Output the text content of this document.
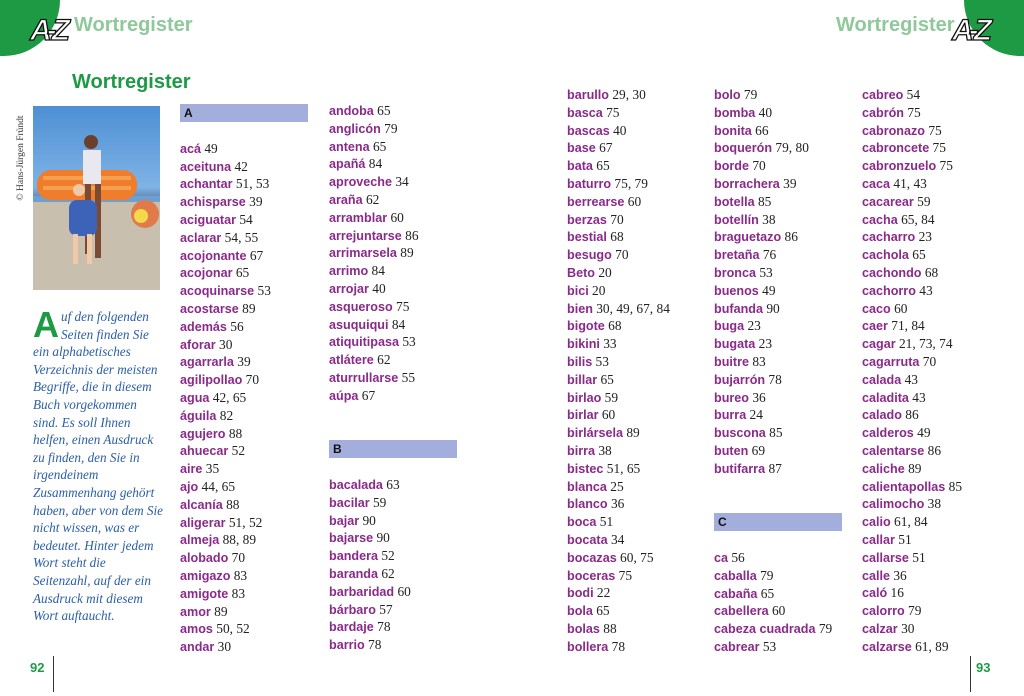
A-Z	A-Z
Wortregister	Wortregister
Wortregister
© Hans-Jürgen Fründt

Auf den folgenden Seiten finden Sie ein alphabetisches Verzeichnis der meisten Begriffe, die in diesem Buch vorgekommen sind. Es soll Ihnen helfen, einen Ausdruck zu finden, den Sie in irgendeinem Zusammenhang gehört haben, aber von dem Sie nicht wissen, was er bedeutet. Hinter jedem Wort steht die Seitenzahl, auf der ein Ausdruck mit diesem Wort auftaucht.

A
acá 49
aceituna 42
achantar 51, 53
achisparse 39
aciguatar 54
aclarar 54, 55
acojonante 67
acojonar 65
acoquinarse 53
acostarse 89
además 56
aforar 30
agarrarla 39
agilipollao 70
agua 42, 65
águila 82
agujero 88
ahuecar 52
aire 35
ajo 44, 65
alcanía 88
aligerar 51, 52
almeja 88, 89
alobado 70
amigazo 83
amigote 83
amor 89
amos 50, 52
andar 30
andoba 65
anglicón 79
antena 65
apañá 84
aproveche 34
araña 62
arramblar 60
arrejuntarse 86
arrimarsela 89
arrimo 84
arrojar 40
asqueroso 75
asuquiqui 84
atiquitipasa 53
atlátere 62
aturrullarse 55
aúpa 67
B
bacalada 63
bacilar 59
bajar 90
bajarse 90
bandera 52
baranda 62
barbaridad 60
bárbaro 57
bardaje 78
barrio 78
barullo 29, 30
basca 75
bascas 40
base 67
bata 65
baturro 75, 79
berrearse 60
berzas 70
bestial 68
besugo 70
Beto 20
bici 20
bien 30, 49, 67, 84
bigote 68
bikini 33
bilis 53
billar 65
birlao 59
birlar 60
birlársela 89
birra 38
bistec 51, 65
blanca 25
blanco 36
boca 51
bocata 34
bocazas 60, 75
boceras 75
bodi 22
bola 65
bolas 88
bollera 78
bolo 79
bomba 40
bonita 66
boquerón 79, 80
borde 70
borrachera 39
botella 85
botellín 38
braguetazo 86
bretaña 76
bronca 53
buenos 49
bufanda 90
buga 23
bugata 23
buitre 83
bujarrón 78
bureo 36
burra 24
buscona 85
buten 69
butifarra 87
C
ca 56
caballa 79
cabaña 65
cabellera 60
cabeza cuadrada 79
cabrear 53
cabreo 54
cabrón 75
cabronazo 75
cabroncete 75
cabronzuelo 75
caca 41, 43
cacarear 59
cacha 65, 84
cacharro 23
cachola 65
cachondo 68
cachorro 43
caco 60
caer 71, 84
cagar 21, 73, 74
cagarruta 70
calada 43
caladita 43
calado 86
calderos 49
calentarse 86
caliche 89
calientapollas 85
calimocho 38
calio 61, 84
callar 51
callarse 51
calle 36
caló 16
calorro 79
calzar 30
calzarse 61, 89
92	93
